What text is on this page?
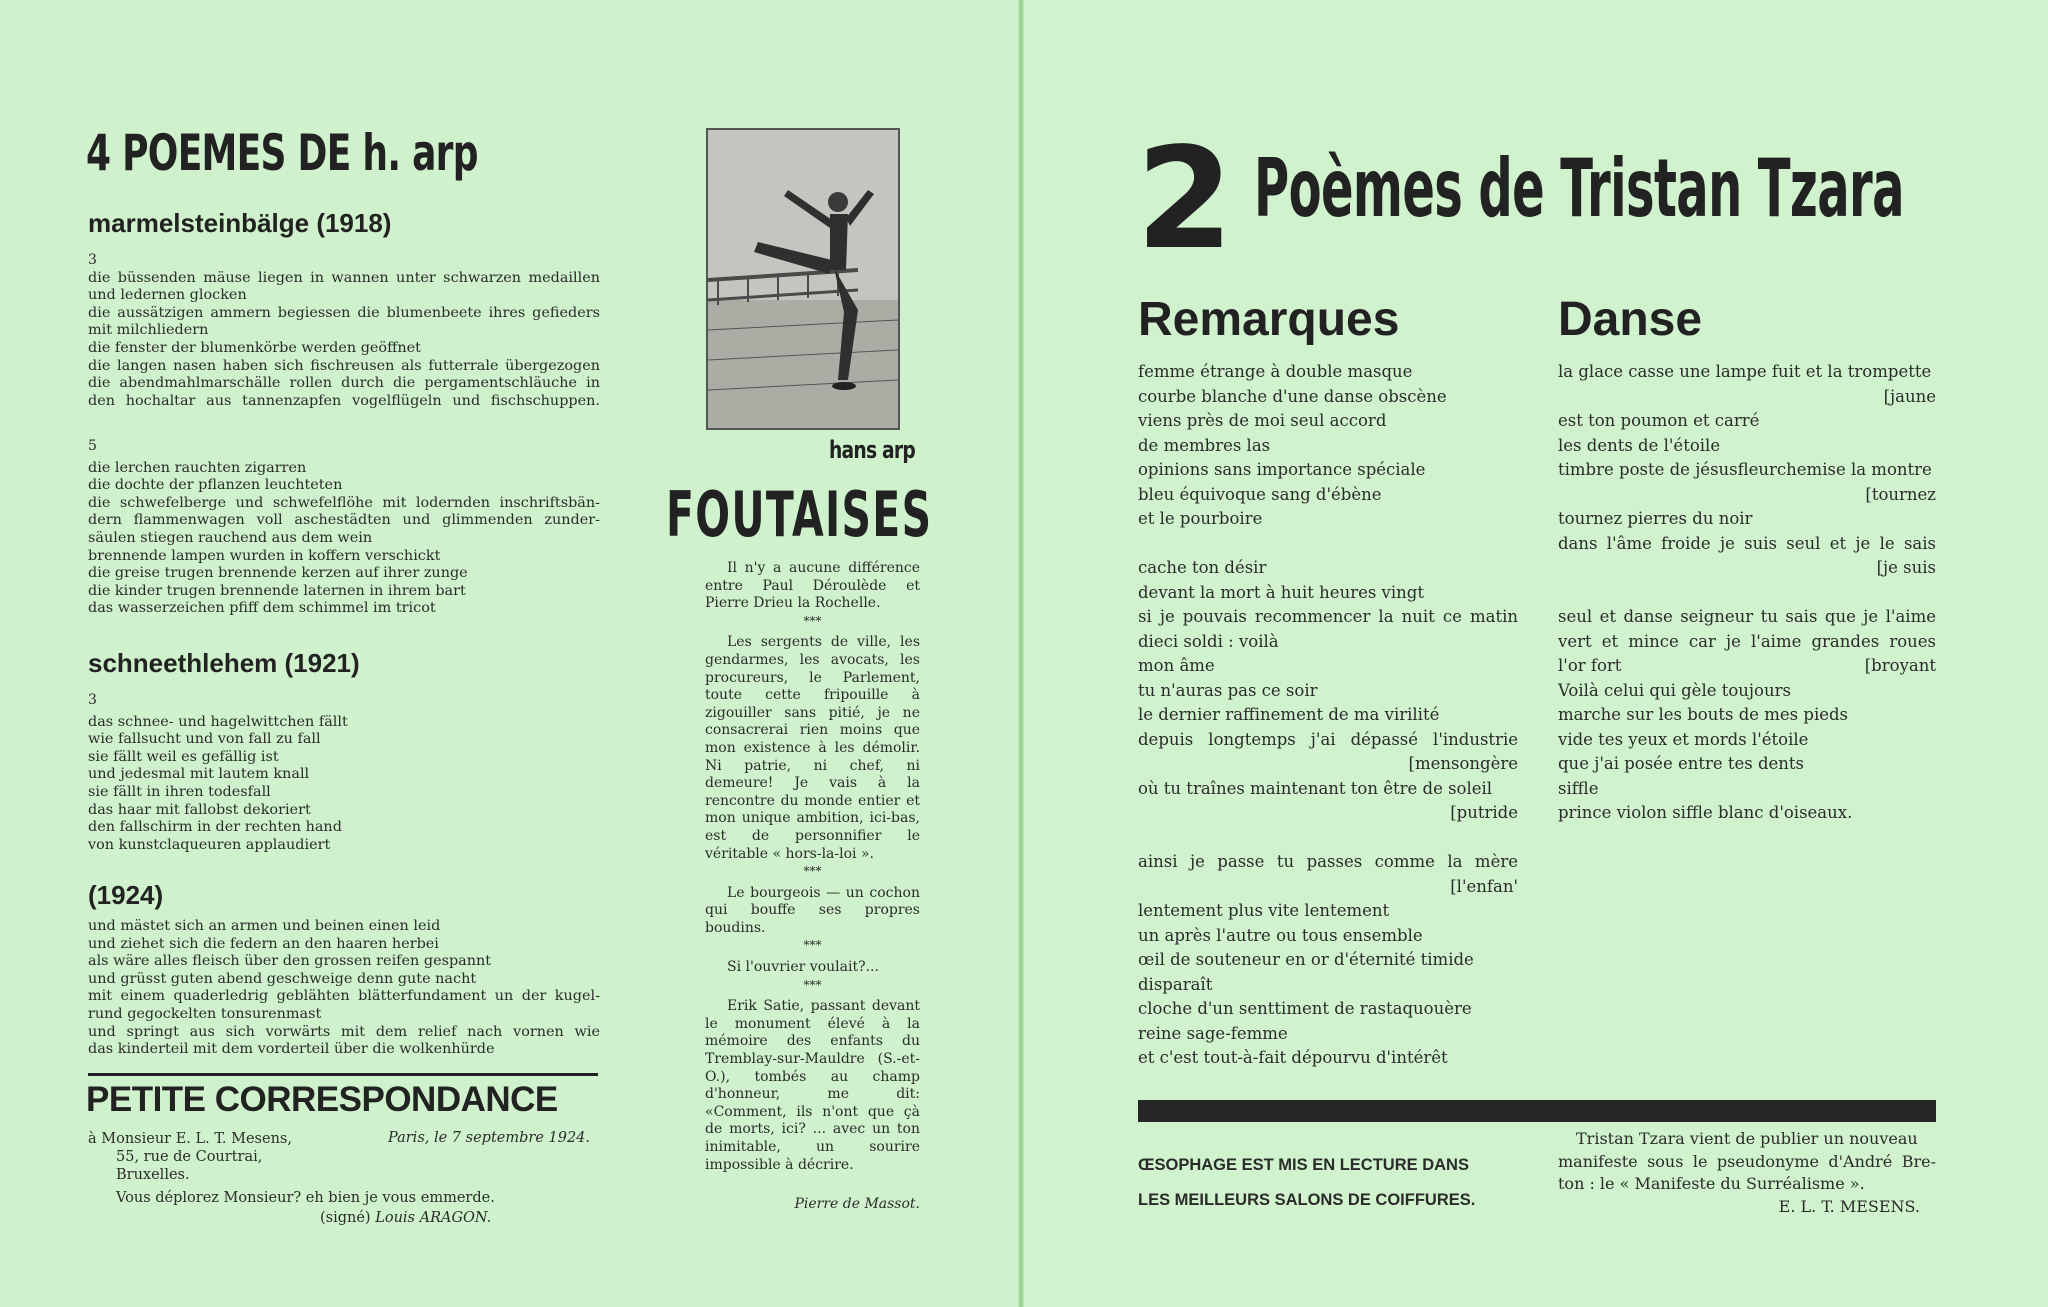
4 POEMES DE h. arp
marmelsteinbälge (1918)
3
die büssenden mäuse liegen in wannen unter schwarzen medaillen
und ledernen glocken
die aussätzigen ammern begiessen die blumenbeete ihres gefieders
mit milchliedern
die fenster der blumenkörbe werden geöffnet
die langen nasen haben sich fischreusen als futterrale übergezogen
die abendmahlmarschälle rollen durch die pergamentschläuche in
den hochaltar aus tannenzapfen vogelflügeln und fischschuppen.
5
die lerchen rauchten zigarren
die dochte der pflanzen leuchteten
die schwefelberge und schwefelflöhe mit lodernden inschriftsbän-
dern flammenwagen voll aschestädten und glimmenden zunder-
säulen stiegen rauchend aus dem wein
brennende lampen wurden in koffern verschickt
die greise trugen brennende kerzen auf ihrer zunge
die kinder trugen brennende laternen in ihrem bart
das wasserzeichen pfiff dem schimmel im tricot
schneethlehem (1921)
3
das schnee- und hagelwittchen fällt
wie fallsucht und von fall zu fall
sie fällt weil es gefällig ist
und jedesmal mit lautem knall
sie fällt in ihren todesfall
das haar mit fallobst dekoriert
den fallschirm in der rechten hand
von kunstclaqueuren applaudiert
(1924)
und mästet sich an armen und beinen einen leid
und ziehet sich die federn an den haaren herbei
als wäre alles fleisch über den grossen reifen gespannt
und grüsst guten abend geschweige denn gute nacht
mit einem quaderledrig geblähten blätterfundament un der kugel-
rund gegockelten tonsurenmast
und springt aus sich vorwärts mit dem relief nach vornen wie
das kinderteil mit dem vorderteil über die wolkenhürde
PETITE CORRESPONDANCE
à Monsieur E. L. T. Mesens,
55, rue de Courtrai,
Bruxelles.
Paris, le 7 septembre 1924.
Vous déplorez Monsieur? eh bien je vous emmerde.
(signé) Louis ARAGON.
hans arp
FOUTAISES

Il n'y a aucune différence entre Paul Déroulède et Pierre Drieu la Rochelle.

***

Les sergents de ville, les gendarmes, les avocats, les procureurs, le Parlement, toute cette fripouille à zigouiller sans pitié, je ne consacrerai rien moins que mon existence à les démolir. Ni patrie, ni chef, ni demeure! Je vais à la rencontre du monde entier et mon unique ambition, ici-bas, est de personnifier le véritable « hors-la-loi ».

***

Le bourgeois — un cochon qui bouffe ses propres boudins.

***

Si l'ouvrier voulait?...

***

Erik Satie, passant devant le monument élevé à la mémoire des enfants du Tremblay-sur-Mauldre (S.-et-O.), tombés au champ d'honneur, me dit: «Comment, ils n'ont que çà de morts, ici? ... avec un ton inimitable, un sourire impossible à décrire.

Pierre de Massot.

2 Poèmes de Tristan Tzara
Remarques	Danse
femme étrange à double masque
courbe blanche d'une danse obscène
viens près de moi seul accord
de membres las
opinions sans importance spéciale
bleu équivoque sang d'ébène
et le pourboire
cache ton désir
devant la mort à huit heures vingt
si je pouvais recommencer la nuit ce matin
dieci soldi : voilà
mon âme
tu n'auras pas ce soir
le dernier raffinement de ma virilité
depuis longtemps j'ai dépassé l'industrie
[mensongère
où tu traînes maintenant ton être de soleil
[putride
ainsi je passe tu passes comme la mère
[l'enfan'
lentement plus vite lentement
un après l'autre ou tous ensemble
œil de souteneur en or d'éternité timide
disparaît
cloche d'un senttiment de rastaquouère
reine sage-femme
et c'est tout-à-fait dépourvu d'intérêt
la glace casse une lampe fuit et la trompette
[jaune
est ton poumon et carré
les dents de l'étoile
timbre poste de jésusfleurchemise la montre
[tournez
tournez pierres du noir
dans l'âme froide je suis seul et je le sais
[je suis
seul et danse seigneur tu sais que je l'aime
vert et mince car je l'aime grandes roues
l'or fort	[broyant
Voilà celui qui gèle toujours
marche sur les bouts de mes pieds
vide tes yeux et mords l'étoile
que j'ai posée entre tes dents
siffle
prince violon siffle blanc d'oiseaux.
ŒSOPHAGE EST MIS EN LECTURE DANS
LES MEILLEURS SALONS DE COIFFURES.
Tristan Tzara vient de publier un nouveau
manifeste sous le pseudonyme d'André Bre-
ton : le « Manifeste du Surréalisme ».
E. L. T. MESENS.
